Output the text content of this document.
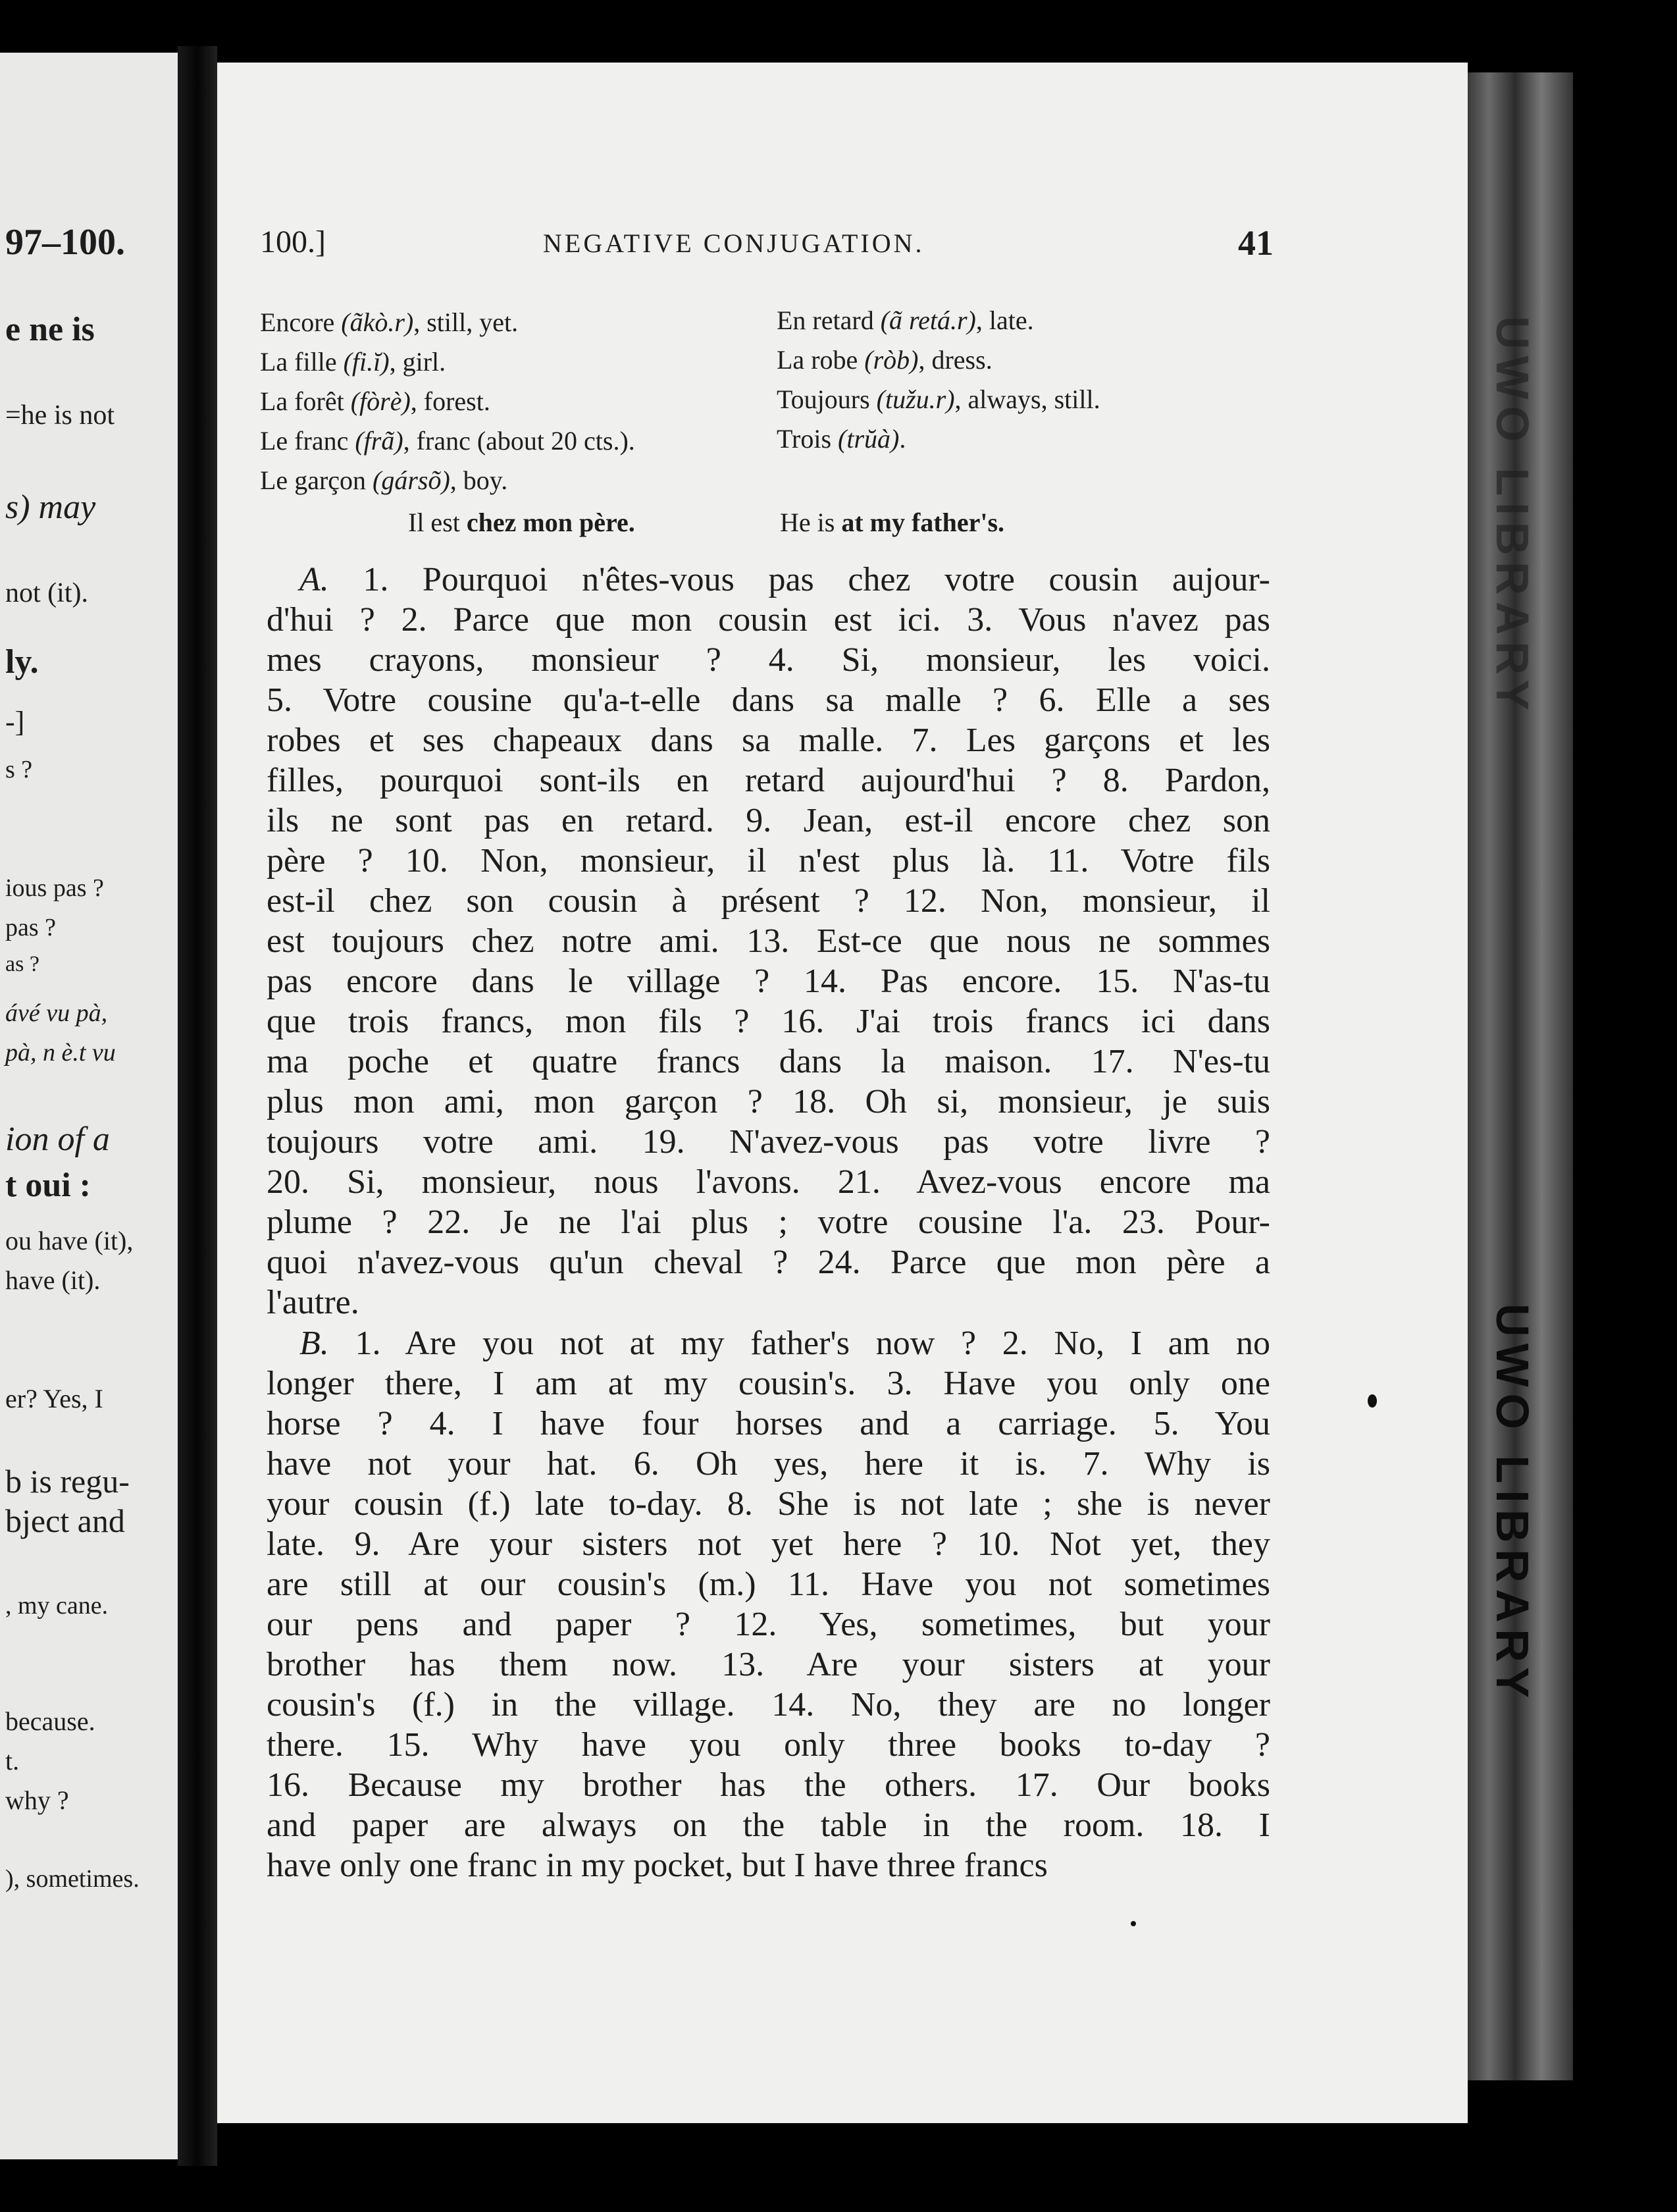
97–100.
e ne is
=he is not
s) may
not (it).
ly.
-]
s ?
ious pas ?
pas ?
as ?
ávé vu pà,
pà, n è.t vu
ion of a
t oui :
ou have (it),
have (it).
er? Yes, I
b is regu-
bject and
, my cane.
because.
t.
why ?
), sometimes.
UWO LIBRARY
UWO LIBRARY
100.]	NEGATIVE CONJUGATION.	41
Encore (ãkò.r), still, yet.
La fille (fi.ĭ), girl.
La forêt (fòrè), forest.
Le franc (frã), franc (about 20 cts.).
Le garçon (gársõ), boy.
En retard (ã retá.r), late.
La robe (ròb), dress.
Toujours (tužu.r), always, still.
Trois (trŭà).
Il est chez mon père.	He is at my father's.
A. 1. Pourquoi n'êtes-vous pas chez votre cousin aujour-
d'hui ? 2. Parce que mon cousin est ici. 3. Vous n'avez pas
mes crayons, monsieur ? 4. Si, monsieur, les voici.
5. Votre cousine qu'a-t-elle dans sa malle ? 6. Elle a ses
robes et ses chapeaux dans sa malle. 7. Les garçons et les
filles, pourquoi sont-ils en retard aujourd'hui ? 8. Pardon,
ils ne sont pas en retard. 9. Jean, est-il encore chez son
père ? 10. Non, monsieur, il n'est plus là. 11. Votre fils
est-il chez son cousin à présent ? 12. Non, monsieur, il
est toujours chez notre ami. 13. Est-ce que nous ne sommes
pas encore dans le village ? 14. Pas encore. 15. N'as-tu
que trois francs, mon fils ? 16. J'ai trois francs ici dans
ma poche et quatre francs dans la maison. 17. N'es-tu
plus mon ami, mon garçon ? 18. Oh si, monsieur, je suis
toujours votre ami. 19. N'avez-vous pas votre livre ?
20. Si, monsieur, nous l'avons. 21. Avez-vous encore ma
plume ? 22. Je ne l'ai plus ; votre cousine l'a. 23. Pour-
quoi n'avez-vous qu'un cheval ? 24. Parce que mon père a
l'autre.
B. 1. Are you not at my father's now ? 2. No, I am no
longer there, I am at my cousin's. 3. Have you only one
horse ? 4. I have four horses and a carriage. 5. You
have not your hat. 6. Oh yes, here it is. 7. Why is
your cousin (f.) late to-day. 8. She is not late ; she is never
late. 9. Are your sisters not yet here ? 10. Not yet, they
are still at our cousin's (m.) 11. Have you not sometimes
our pens and paper ? 12. Yes, sometimes, but your
brother has them now. 13. Are your sisters at your
cousin's (f.) in the village. 14. No, they are no longer
there. 15. Why have you only three books to-day ?
16. Because my brother has the others. 17. Our books
and paper are always on the table in the room. 18. I
have only one franc in my pocket, but I have three francs
